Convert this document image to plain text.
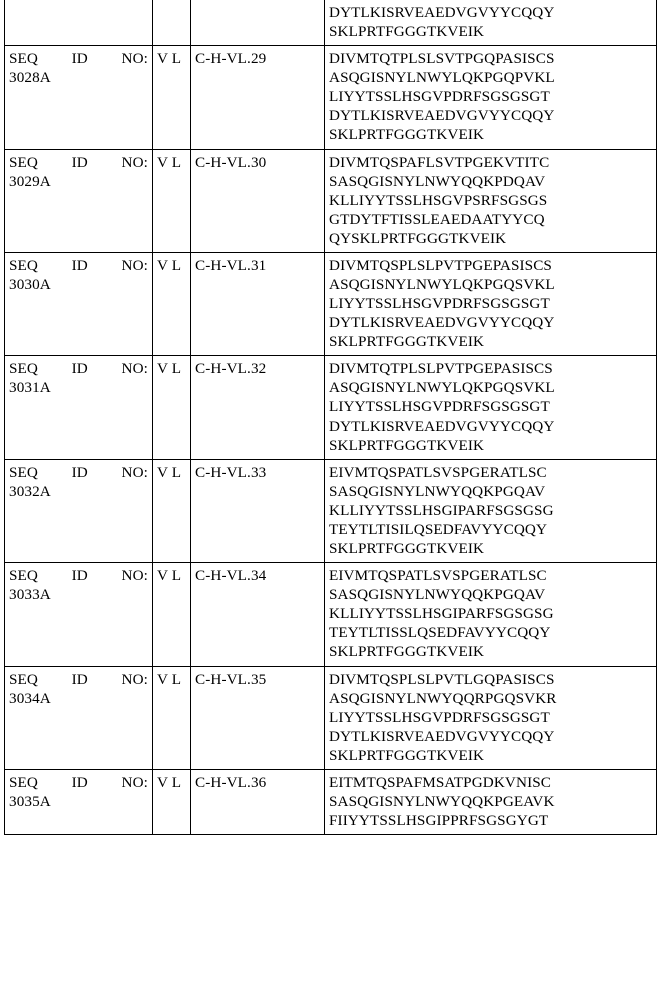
			DYTLKISRVEAEDVGVYYCQQY
SKLPRTFGGGTKVEIK

SEQ ID NO:
3028A	V L	C-H-VL.29	DIVMTQTPLSLSVTPGQPASISCS
ASQGISNYLNWYLQKPGQPVKL
LIYYTSSLHSGVPDRFSGSGSGT
DYTLKISRVEAEDVGVYYCQQY
SKLPRTFGGGTKVEIK

SEQ ID NO:
3029A	V L	C-H-VL.30	DIVMTQSPAFLSVTPGEKVTITC
SASQGISNYLNWYQQKPDQAV
KLLIYYTSSLHSGVPSRFSGSGS
GTDYTFTISSLEAEDAATYYCQ
QYSKLPRTFGGGTKVEIK

SEQ ID NO:
3030A	V L	C-H-VL.31	DIVMTQSPLSLPVTPGEPASISCS
ASQGISNYLNWYLQKPGQSVKL
LIYYTSSLHSGVPDRFSGSGSGT
DYTLKISRVEAEDVGVYYCQQY
SKLPRTFGGGTKVEIK

SEQ ID NO:
3031A	V L	C-H-VL.32	DIVMTQTPLSLPVTPGEPASISCS
ASQGISNYLNWYLQKPGQSVKL
LIYYTSSLHSGVPDRFSGSGSGT
DYTLKISRVEAEDVGVYYCQQY
SKLPRTFGGGTKVEIK

SEQ ID NO:
3032A	V L	C-H-VL.33	EIVMTQSPATLSVSPGERATLSC
SASQGISNYLNWYQQKPGQAV
KLLIYYTSSLHSGIPARFSGSGSG
TEYTLTISILQSEDFAVYYCQQY
SKLPRTFGGGTKVEIK

SEQ ID NO:
3033A	V L	C-H-VL.34	EIVMTQSPATLSVSPGERATLSC
SASQGISNYLNWYQQKPGQAV
KLLIYYTSSLHSGIPARFSGSGSG
TEYTLTISSLQSEDFAVYYCQQY
SKLPRTFGGGTKVEIK

SEQ ID NO:
3034A	V L	C-H-VL.35	DIVMTQSPLSLPVTLGQPASISCS
ASQGISNYLNWYQQRPGQSVKR
LIYYTSSLHSGVPDRFSGSGSGT
DYTLKISRVEAEDVGVYYCQQY
SKLPRTFGGGTKVEIK

SEQ ID NO:
3035A	V L	C-H-VL.36	EITMTQSPAFMSATPGDKVNISC
SASQGISNYLNWYQQKPGEAVK
FIIYYTSSLHSGIPPRFSGSGYGT
